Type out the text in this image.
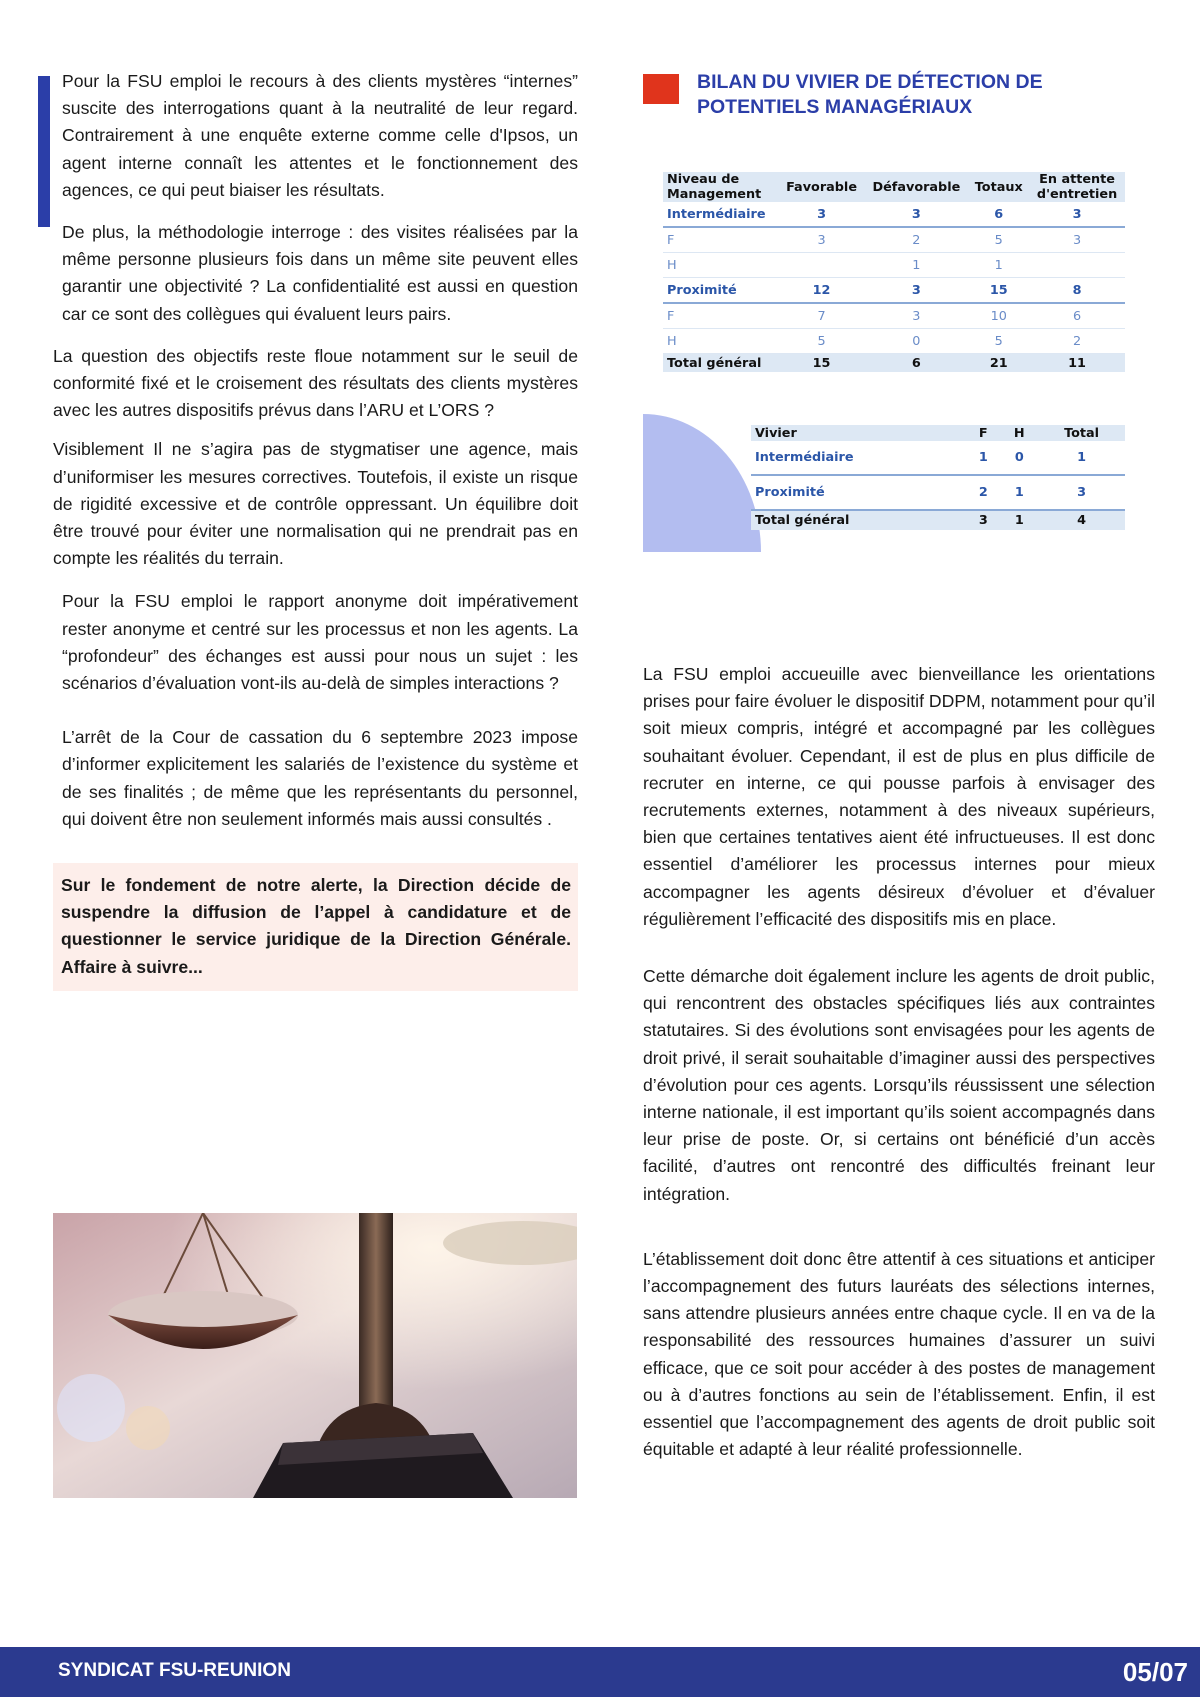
Pour la FSU emploi le recours à des clients mystères “internes” suscite des interrogations quant à la neutralité de leur regard. Contrairement à une enquête externe comme celle d'Ipsos, un agent interne connaît les attentes et le fonctionnement des agences, ce qui peut biaiser les résultats.

De plus, la méthodologie interroge : des visites réalisées par la même personne plusieurs fois dans un même site peuvent elles garantir une objectivité ? La confidentialité est aussi en question car ce sont des collègues qui évaluent leurs pairs.

La question des objectifs reste floue notamment sur le seuil de conformité fixé et le croisement des résultats des clients mystères avec les autres dispositifs prévus dans l’ARU et L’ORS ?

Visiblement Il ne s’agira pas de stygmatiser une agence, mais d’uniformiser les mesures correctives. Toutefois, il existe un risque de rigidité excessive et de contrôle oppressant. Un équilibre doit être trouvé pour éviter une normalisation qui ne prendrait pas en compte les réalités du terrain.

Pour la FSU emploi le rapport anonyme doit impérativement rester anonyme et centré sur les processus et non les agents. La “profondeur” des échanges est aussi pour nous un sujet : les scénarios d’évaluation vont-ils au-delà de simples interactions ?

L’arrêt de la Cour de cassation du 6 septembre 2023 impose d’informer explicitement les salariés de l’existence du système et de ses finalités ; de même que les représentants du personnel, qui doivent être non seulement informés mais aussi consultés .

Sur le fondement de notre alerte, la Direction décide de suspendre la diffusion de l’appel à candidature et de questionner le service juridique de la Direction Générale. Affaire à suivre...

BILAN DU VIVIER DE DÉTECTION DE
POTENTIELS MANAGÉRIAUX

La FSU emploi accueuille avec bienveillance les orientations prises pour faire évoluer le dispositif DDPM, notamment pour qu’il soit mieux compris, intégré et accompagné par les collègues souhaitant évoluer. Cependant, il est de plus en plus difficile de recruter en interne, ce qui pousse parfois à envisager des recrutements externes, notamment à des niveaux supérieurs, bien que certaines tentatives aient été infructueuses. Il est donc essentiel d’améliorer les processus internes pour mieux accompagner les agents désireux d’évoluer et d’évaluer régulièrement l’efficacité des dispositifs mis en place.

Cette démarche doit également inclure les agents de droit public, qui rencontrent des obstacles spécifiques liés aux contraintes statutaires. Si des évolutions sont envisagées pour les agents de droit privé, il serait souhaitable d’imaginer aussi des perspectives d’évolution pour ces agents. Lorsqu’ils réussissent une sélection interne nationale, il est important qu’ils soient accompagnés dans leur prise de poste. Or, si certains ont bénéficié d’un accès facilité, d’autres ont rencontré des difficultés freinant leur intégration.

L’établissement doit donc être attentif à ces situations et anticiper l’accompagnement des futurs lauréats des sélections internes, sans attendre plusieurs années entre chaque cycle. Il en va de la responsabilité des ressources humaines d’assurer un suivi efficace, que ce soit pour accéder à des postes de management ou à d’autres fonctions au sein de l’établissement. Enfin, il est essentiel que l’accompagnement des agents de droit public soit équitable et adapté à leur réalité professionnelle.

Niveau de
Management	Favorable	Défavorable	Totaux	En attente
d'entretien
Intermédiaire	3	3	6	3
F	3	2	5	3
H		1	1	
Proximité	12	3	15	8
F	7	3	10	6
H	5	0	5	2
Total général	15	6	21	11
Vivier	F	H	Total
Intermédiaire	1	0	1
Proximité	2	1	3
Total général	3	1	4
SYNDICAT FSU-REUNION	05/07
